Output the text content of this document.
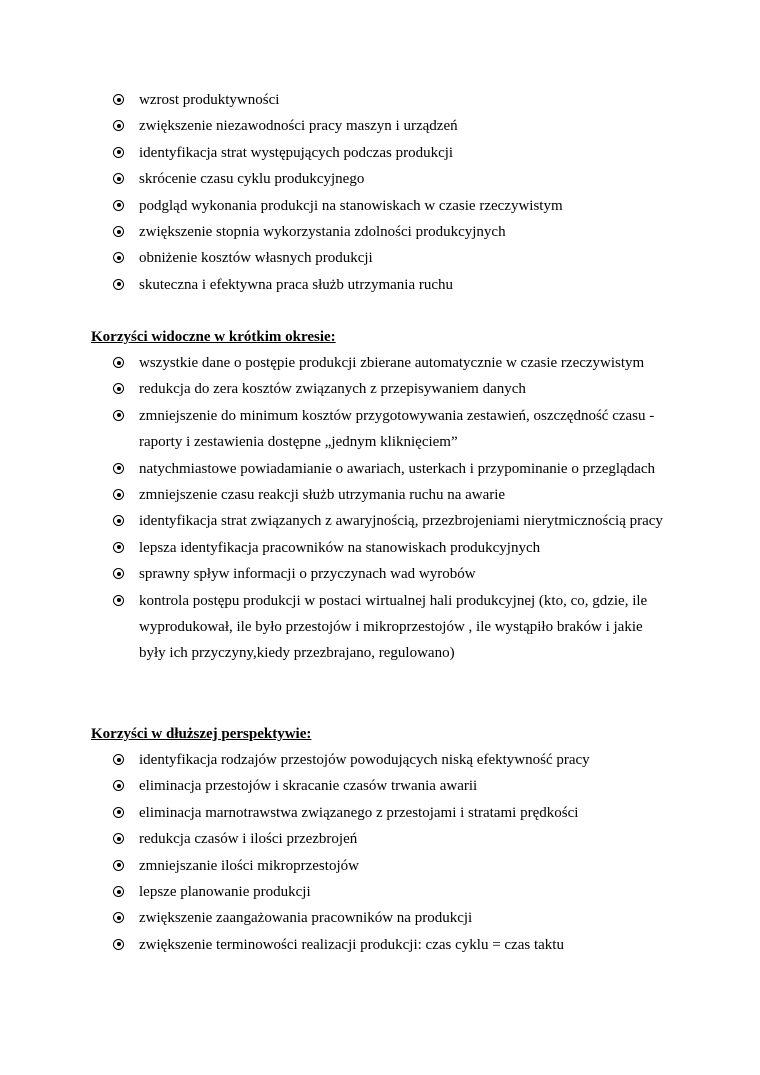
wzrost produktywności
zwiększenie niezawodności pracy maszyn i urządzeń
identyfikacja strat występujących podczas produkcji
skrócenie czasu cyklu produkcyjnego
podgląd wykonania produkcji na stanowiskach w czasie rzeczywistym
zwiększenie stopnia wykorzystania zdolności produkcyjnych
obniżenie kosztów własnych produkcji
skuteczna i efektywna praca służb utrzymania ruchu

Korzyści widoczne w krótkim okresie:

wszystkie dane o postępie produkcji zbierane automatycznie w czasie rzeczywistym
redukcja do zera kosztów związanych z przepisywaniem danych
zmniejszenie do minimum kosztów przygotowywania zestawień, oszczędność czasu - raporty i zestawienia dostępne „jednym kliknięciem”
natychmiastowe powiadamianie o awariach, usterkach i przypominanie o przeglądach
zmniejszenie czasu reakcji służb utrzymania ruchu na awarie
identyfikacja strat związanych z awaryjnością, przezbrojeniami nierytmicznością pracy
lepsza identyfikacja pracowników na stanowiskach produkcyjnych
sprawny spływ informacji o przyczynach wad wyrobów
kontrola postępu produkcji w postaci wirtualnej hali produkcyjnej (kto, co, gdzie, ile wyprodukował, ile było przestojów i mikroprzestojów , ile wystąpiło braków i jakie były ich przyczyny,kiedy przezbrajano, regulowano)

Korzyści w dłuższej perspektywie:

identyfikacja rodzajów przestojów powodujących niską efektywność pracy
eliminacja przestojów i skracanie czasów trwania awarii
eliminacja marnotrawstwa związanego z przestojami i stratami prędkości
redukcja czasów i ilości przezbrojeń
zmniejszanie ilości mikroprzestojów
lepsze planowanie produkcji
zwiększenie zaangażowania pracowników na produkcji
zwiększenie terminowości realizacji produkcji: czas cyklu = czas taktu
